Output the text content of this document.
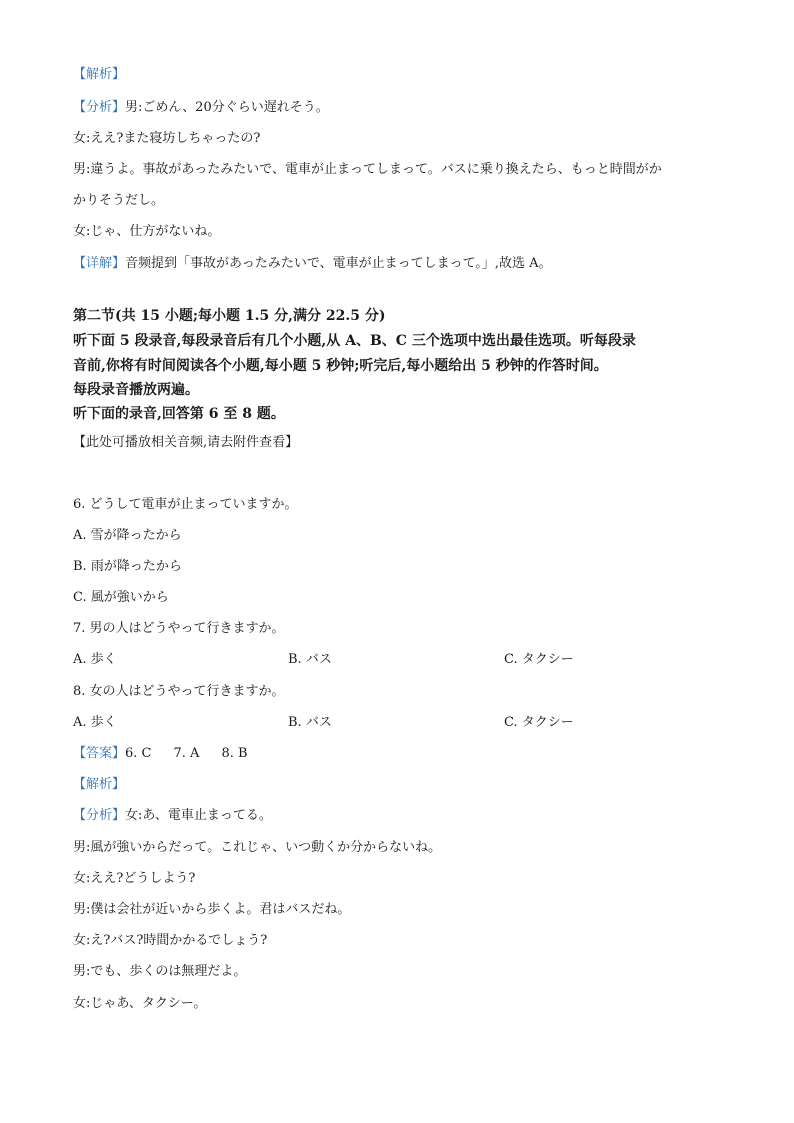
【解析】
【分析】男:ごめん、20分ぐらい遅れそう。
女:ええ?また寝坊しちゃったの?
男:違うよ。事故があったみたいで、電車が止まってしまって。バスに乗り換えたら、もっと時間がか
かりそうだし。
女:じゃ、仕方がないね。
【详解】音频提到「事故があったみたいで、電車が止まってしまって。」,故选 A。
第二节(共 15 小题;每小题 1.5 分,满分 22.5 分)
听下面 5 段录音,每段录音后有几个小题,从 A、B、C 三个选项中选出最佳选项。听每段录
音前,你将有时间阅读各个小题,每小题 5 秒钟;听完后,每小题给出 5 秒钟的作答时间。
每段录音播放两遍。
听下面的录音,回答第 6 至 8 题。
【此处可播放相关音频,请去附件查看】
6. どうして電車が止まっていますか。
A. 雪が降ったから
B. 雨が降ったから
C. 風が強いから
7. 男の人はどうやって行きますか。
A. 歩く	B. バス	C. タクシー
8. 女の人はどうやって行きますか。
A. 歩く	B. バス	C. タクシー
【答案】6. C 7. A 8. B
【解析】
【分析】女:あ、電車止まってる。
男:風が強いからだって。これじゃ、いつ動くか分からないね。
女:ええ?どうしよう?
男:僕は会社が近いから歩くよ。君はバスだね。
女:え?バス?時間かかるでしょう?
男:でも、歩くのは無理だよ。
女:じゃあ、タクシー。
